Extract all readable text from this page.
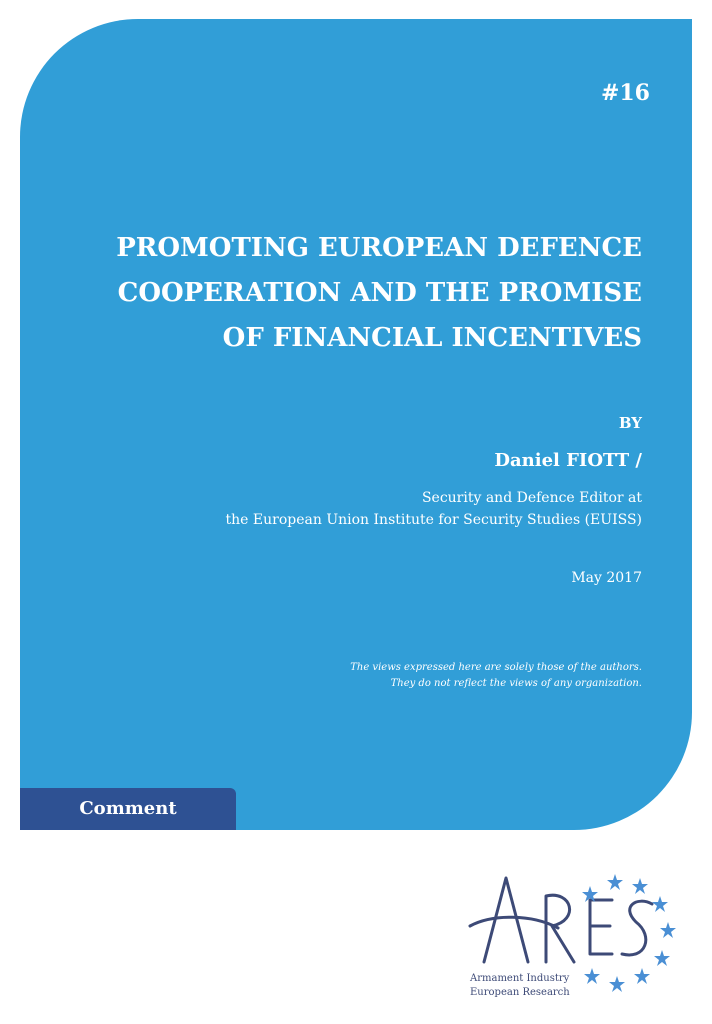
#16
PROMOTING EUROPEAN DEFENCE
COOPERATION AND THE PROMISE
OF FINANCIAL INCENTIVES
BY
Daniel FIOTT /
Security and Defence Editor at
the European Union Institute for Security Studies (EUISS)
May 2017
The views expressed here are solely those of the authors.
They do not reflect the views of any organization.
Comment
Armament Industry
European Research
